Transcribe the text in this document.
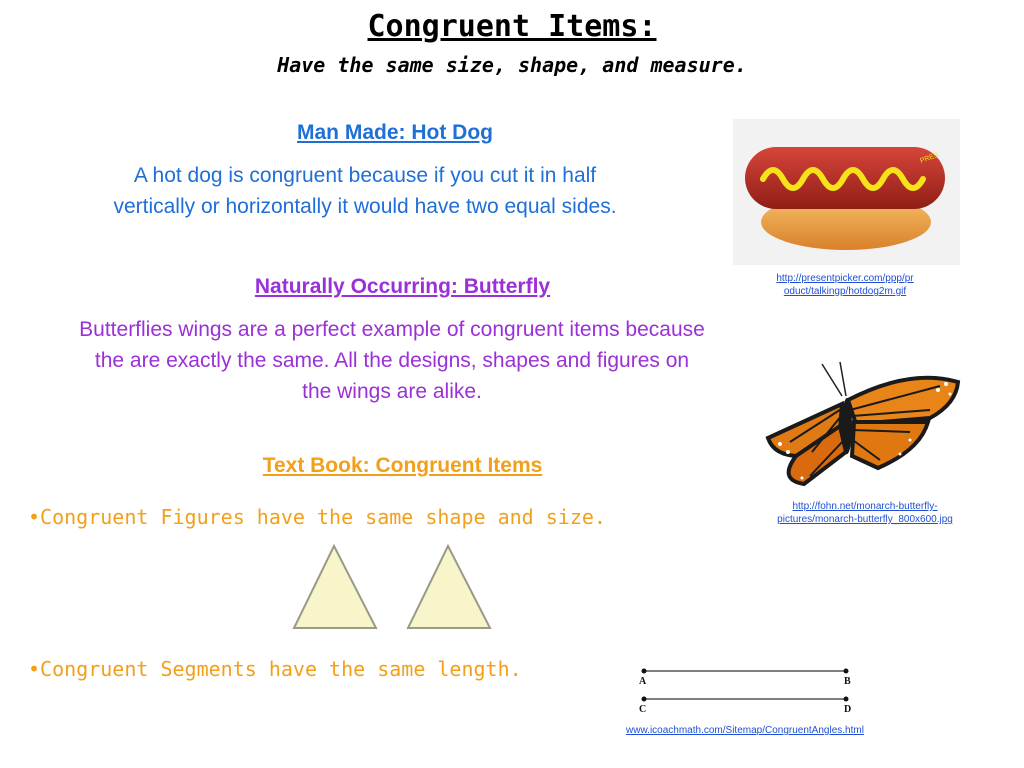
Congruent Items:
Have the same size, shape, and measure.
Man Made: Hot Dog
A hot dog is congruent because if you cut it in half
vertically or horizontally it would have two equal sides.
PRES
http://presentpicker.com/ppp/pr
oduct/talkingp/hotdog2m.gif
Naturally Occurring: Butterfly
Butterflies wings are a perfect example of congruent items because
the are exactly the same. All the designs, shapes and figures on
the wings are alike.
http://fohn.net/monarch-butterfly-
pictures/monarch-butterfly_800x600.jpg
Text Book: Congruent Items
•Congruent Figures have the same shape and size.
•Congruent Segments have the same length.
A	B
C	D
www.icoachmath.com/Sitemap/CongruentAngles.html
